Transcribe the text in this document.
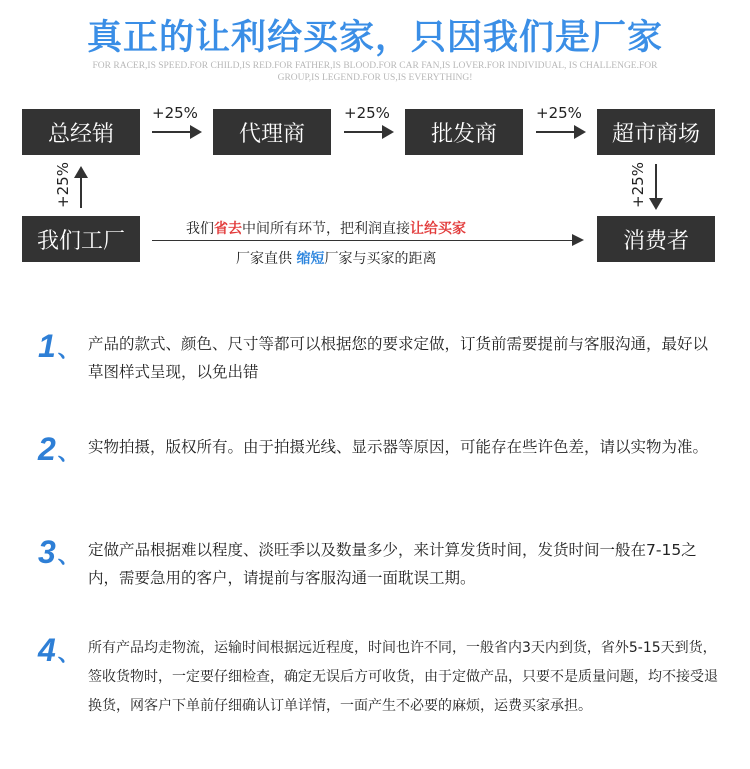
真正的让利给买家，只因我们是厂家
FOR RACER,IS SPEED.FOR CHILD,IS RED.FOR FATHER,IS BLOOD.FOR CAR FAN,IS LOVER.FOR INDIVIDUAL, IS CHALLENGE.FOR GROUP,IS LEGEND.FOR US,IS EVERYTHING!
总经销	代理商	批发商	超市商场
+25%	+25%	+25%
+25%	+25%
我们工厂	消费者
我们省去中间所有环节，把利润直接让给买家
厂家直供 缩短厂家与买家的距离
1、 产品的款式、颜色、尺寸等都可以根据您的要求定做，订货前需要提前与客服沟通，最好以草图样式呈现，以免出错
2、 实物拍摄，版权所有。由于拍摄光线、显示器等原因，可能存在些许色差，请以实物为准。
3、 定做产品根据难以程度、淡旺季以及数量多少，来计算发货时间，发货时间一般在7-15之内，需要急用的客户，请提前与客服沟通一面耽误工期。
4、 所有产品均走物流，运输时间根据远近程度，时间也许不同，一般省内3天内到货，省外5-15天到货，签收货物时，一定要仔细检查，确定无误后方可收货，由于定做产品，只要不是质量问题，均不接受退换货，网客户下单前仔细确认订单详情，一面产生不必要的麻烦，运费买家承担。
